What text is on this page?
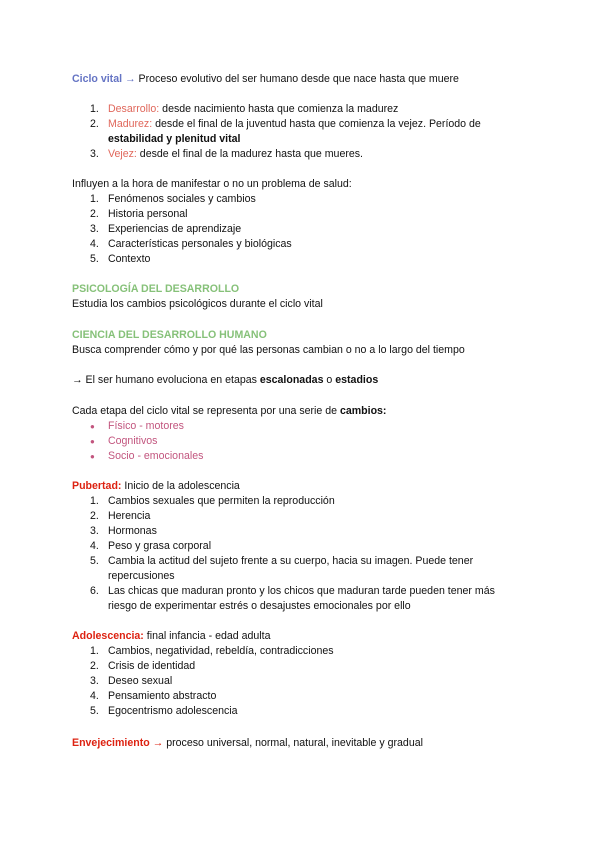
Ciclo vital → Proceso evolutivo del ser humano desde que nace hasta que muere
1. Desarrollo: desde nacimiento hasta que comienza la madurez
2. Madurez: desde el final de la juventud hasta que comienza la vejez. Período de
estabilidad y plenitud vital
3. Vejez: desde el final de la madurez hasta que mueres.
Influyen a la hora de manifestar o no un problema de salud:
1. Fenómenos sociales y cambios
2. Historia personal
3. Experiencias de aprendizaje
4. Características personales y biológicas
5. Contexto
PSICOLOGÍA DEL DESARROLLO
Estudia los cambios psicológicos durante el ciclo vital
CIENCIA DEL DESARROLLO HUMANO
Busca comprender cómo y por qué las personas cambian o no a lo largo del tiempo
→ El ser humano evoluciona en etapas escalonadas o estadios
Cada etapa del ciclo vital se representa por una serie de cambios:
● Físico - motores
● Cognitivos
● Socio - emocionales
Pubertad: Inicio de la adolescencia
1. Cambios sexuales que permiten la reproducción
2. Herencia
3. Hormonas
4. Peso y grasa corporal
5. Cambia la actitud del sujeto frente a su cuerpo, hacia su imagen. Puede tener
repercusiones
6. Las chicas que maduran pronto y los chicos que maduran tarde pueden tener más
riesgo de experimentar estrés o desajustes emocionales por ello
Adolescencia: final infancia - edad adulta
1. Cambios, negatividad, rebeldía, contradicciones
2. Crisis de identidad
3. Deseo sexual
4. Pensamiento abstracto
5. Egocentrismo adolescencia
Envejecimiento → proceso universal, normal, natural, inevitable y gradual
